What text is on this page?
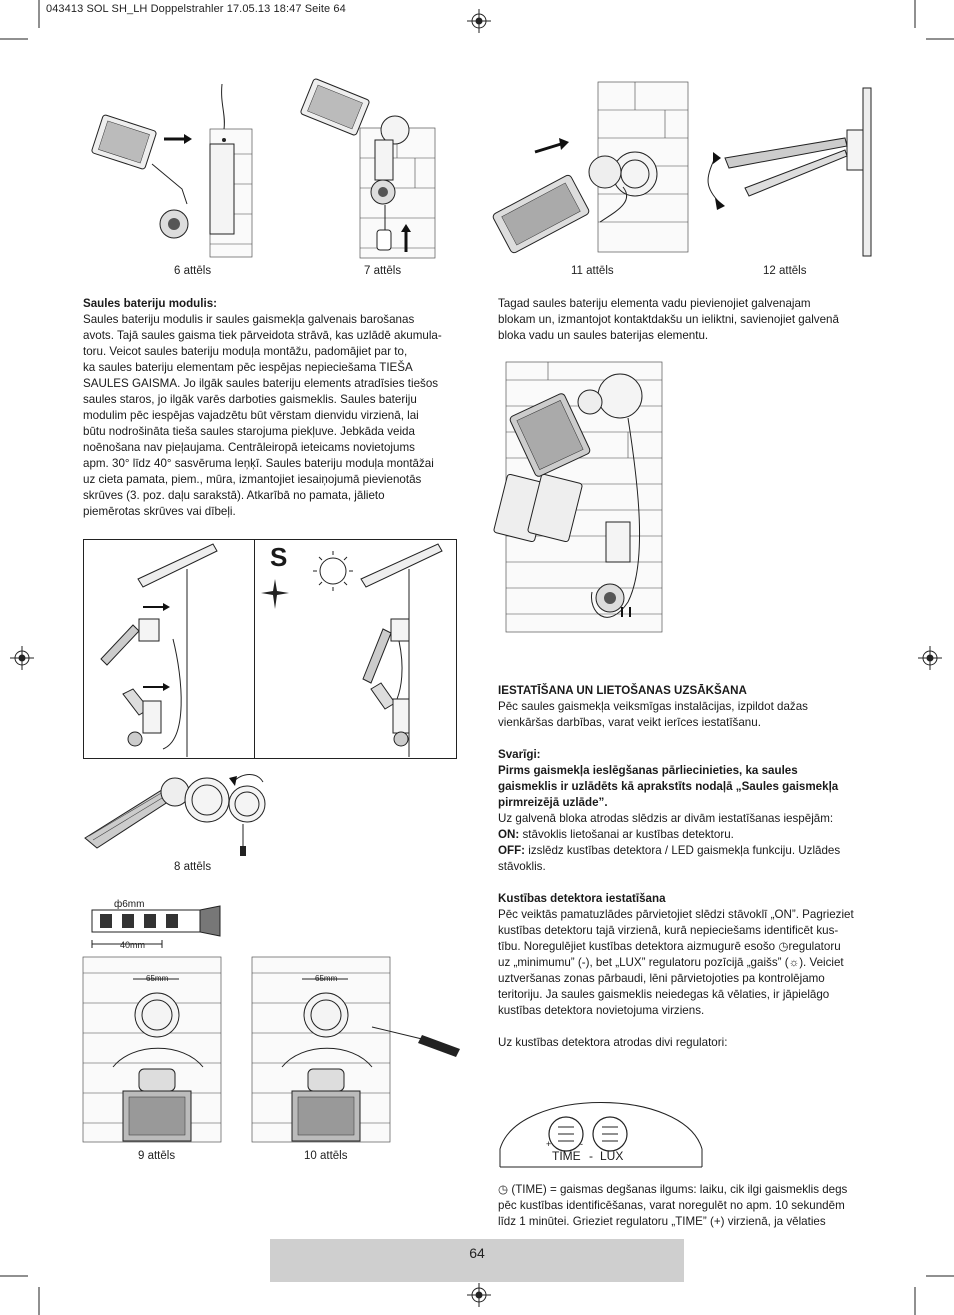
043413 SOL SH_LH Doppelstrahler 17.05.13 18:47 Seite 64
6 attēls	7 attēls	11 attēls	12 attēls

Saules bateriju modulis:

Saules bateriju modulis ir saules gaismekļa galvenais barošanas

avots. Tajā saules gaisma tiek pārveidota strāvā, kas uzlādē akumula-

toru. Veicot saules bateriju moduļa montāžu, padomājiet par to,

ka saules bateriju elementam pēc iespējas nepieciešama TIEŠA

SAULES GAISMA. Jo ilgāk saules bateriju elements atradīsies tiešos

saules staros, jo ilgāk varēs darboties gaismeklis. Saules bateriju

modulim pēc iespējas vajadzētu būt vērstam dienvidu virzienā, lai

būtu nodrošināta tieša saules starojuma piekļuve. Jebkāda veida

noēnošana nav pieļaujama. Centrāleiropā ieteicams novietojums

apm. 30° līdz 40° sasvēruma leņķī. Saules bateriju moduļa montāžai

uz cieta pamata, piem., mūra, izmantojiet iesaiņojumā pievienotās

skrūves (3. poz. daļu sarakstā). Atkarībā no pamata, jālieto

piemērotas skrūves vai dībeļi.

S
8 attēls
ф6mm
40mm
65mm
9 attēls
65mm
10 attēls

Tagad saules bateriju elementa vadu pievienojiet galvenajam

blokam un, izmantojot kontaktdakšu un ieliktni, savienojiet galvenā

bloka vadu un saules baterijas elementu.

IESTATĪŠANA UN LIETOŠANAS UZSĀKŠANA

Pēc saules gaismekļa veiksmīgas instalācijas, izpildot dažas

vienkāršas darbības, varat veikt ierīces iestatīšanu.

Svarīgi:

Pirms gaismekļa ieslēgšanas pārliecinieties, ka saules

gaismeklis ir uzlādēts kā aprakstīts nodaļā „Saules gaismekļa

pirmreizējā uzlāde”.

Uz galvenā bloka atrodas slēdzis ar divām iestatīšanas iespējām:

ON: stāvoklis lietošanai ar kustības detektoru.

OFF: izslēdz kustības detektora / LED gaismekļa funkciju. Uzlādes

stāvoklis.

Kustības detektora iestatīšana

Pēc veiktās pamatuzlādes pārvietojiet slēdzi stāvoklī „ON”. Pagrieziet

kustības detektoru tajā virzienā, kurā nepieciešams identificēt kus-

tību. Noregulējiet kustības detektora aizmugurē esošo ◷regulatoru

uz „minimumu” (-), bet „LUX” regulatoru pozīcijā „gaišs” (☼). Veiciet

uztveršanas zonas pārbaudi, lēni pārvietojoties pa kontrolējamo

teritoriju. Ja saules gaismeklis neiedegas kā vēlaties, ir jāpielāgo

kustības detektora novietojuma virziens.

Uz kustības detektora atrodas divi regulatori:

TIME - LUX
+	-

◷ (TIME) = gaismas degšanas ilgums: laiku, cik ilgi gaismeklis degs

pēc kustības identificēšanas, varat noregulēt no apm. 10 sekundēm

līdz 1 minūtei. Grieziet regulatoru „TIME” (+) virzienā, ja vēlaties

64
